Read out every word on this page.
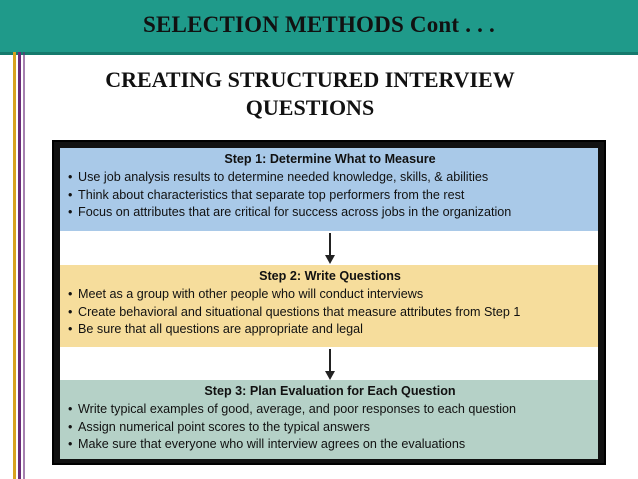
SELECTION METHODS Cont . . .
CREATING STRUCTURED INTERVIEW
QUESTIONS
Step 1: Determine What to Measure
• Use job analysis results to determine needed knowledge, skills, & abilities
• Think about characteristics that separate top performers from the rest
• Focus on attributes that are critical for success across jobs in the organization
Step 2: Write Questions
• Meet as a group with other people who will conduct interviews
• Create behavioral and situational questions that measure attributes from Step 1
• Be sure that all questions are appropriate and legal
Step 3: Plan Evaluation for Each Question
• Write typical examples of good, average, and poor responses to each question
• Assign numerical point scores to the typical answers
• Make sure that everyone who will interview agrees on the evaluations
